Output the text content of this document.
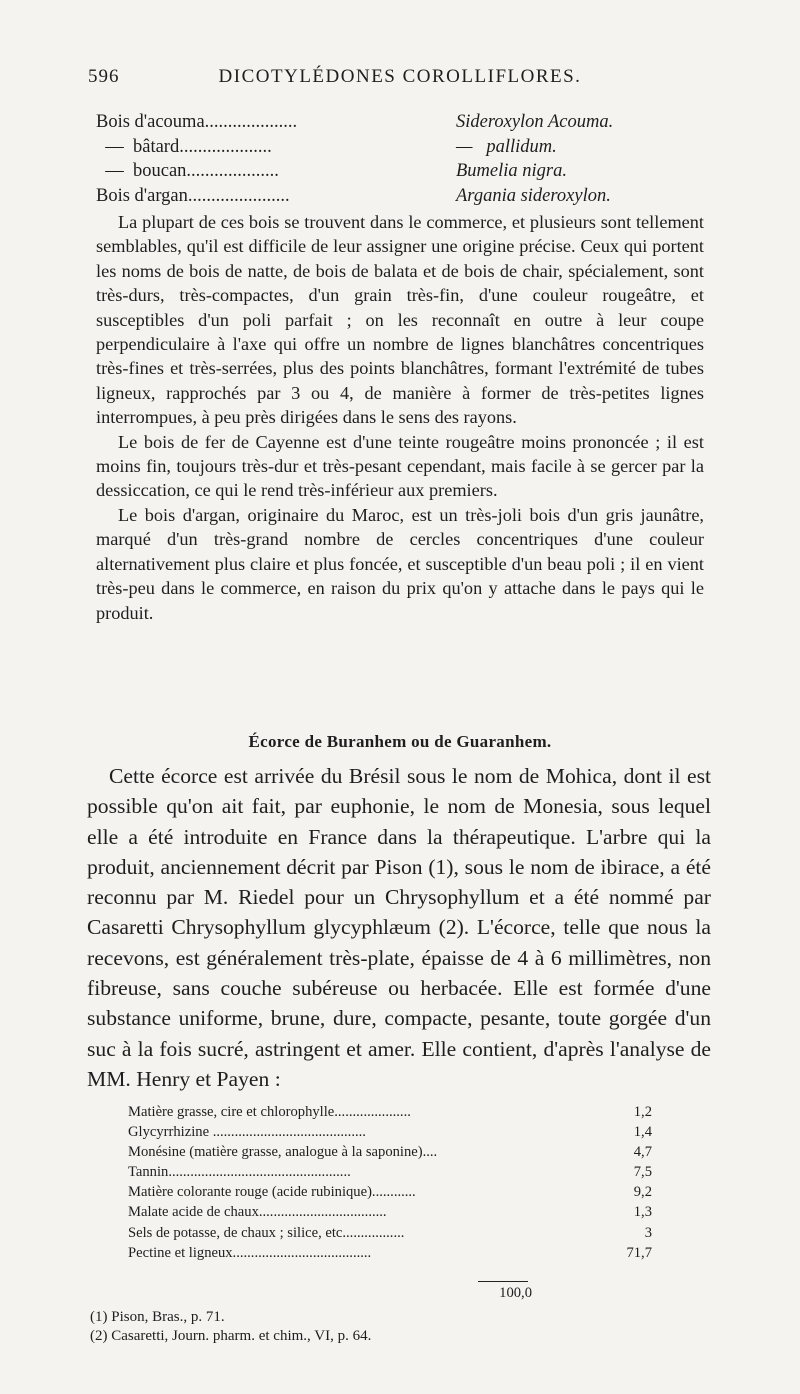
596	DICOTYLÉDONES COROLLIFLORES.
Bois d'acouma....................	Sideroxylon Acouma.
—  bâtard....................	—   pallidum.
—  boucan....................	Bumelia nigra.
Bois d'argan......................	Argania sideroxylon.

La plupart de ces bois se trouvent dans le commerce, et plusieurs sont tellement semblables, qu'il est difficile de leur assigner une origine précise. Ceux qui portent les noms de bois de natte, de bois de balata et de bois de chair, spécialement, sont très-durs, très-compactes, d'un grain très-fin, d'une couleur rougeâtre, et susceptibles d'un poli parfait ; on les reconnaît en outre à leur coupe perpendiculaire à l'axe qui offre un nombre de lignes blanchâtres concentriques très-fines et très-serrées, plus des points blanchâtres, formant l'extrémité de tubes ligneux, rapprochés par 3 ou 4, de manière à former de très-petites lignes interrompues, à peu près dirigées dans le sens des rayons.

Le bois de fer de Cayenne est d'une teinte rougeâtre moins prononcée ; il est moins fin, toujours très-dur et très-pesant cependant, mais facile à se gercer par la dessiccation, ce qui le rend très-inférieur aux premiers.

Le bois d'argan, originaire du Maroc, est un très-joli bois d'un gris jaunâtre, marqué d'un très-grand nombre de cercles concentriques d'une couleur alternativement plus claire et plus foncée, et susceptible d'un beau poli ; il en vient très-peu dans le commerce, en raison du prix qu'on y attache dans le pays qui le produit.

Écorce de Buranhem ou de Guaranhem.

Cette écorce est arrivée du Brésil sous le nom de Mohica, dont il est possible qu'on ait fait, par euphonie, le nom de Monesia, sous lequel elle a été introduite en France dans la thérapeutique. L'arbre qui la produit, anciennement décrit par Pison (1), sous le nom de ibirace, a été reconnu par M. Riedel pour un Chrysophyllum et a été nommé par Casaretti Chrysophyllum glycyphlæum (2). L'écorce, telle que nous la recevons, est généralement très-plate, épaisse de 4 à 6 millimètres, non fibreuse, sans couche subéreuse ou herbacée. Elle est formée d'une substance uniforme, brune, dure, compacte, pesante, toute gorgée d'un suc à la fois sucré, astringent et amer. Elle contient, d'après l'analyse de MM. Henry et Payen :

Matière grasse, cire et chlorophylle.....................	1,2
Glycyrrhizine ..........................................	1,4
Monésine (matière grasse, analogue à la saponine)....	4,7
Tannin..................................................	7,5
Matière colorante rouge (acide rubinique)............	9,2
Malate acide de chaux...................................	1,3
Sels de potasse, de chaux ; silice, etc.................	3
Pectine et ligneux......................................	71,7
100,0
(1) Pison, Bras., p. 71.
(2) Casaretti, Journ. pharm. et chim., VI, p. 64.
